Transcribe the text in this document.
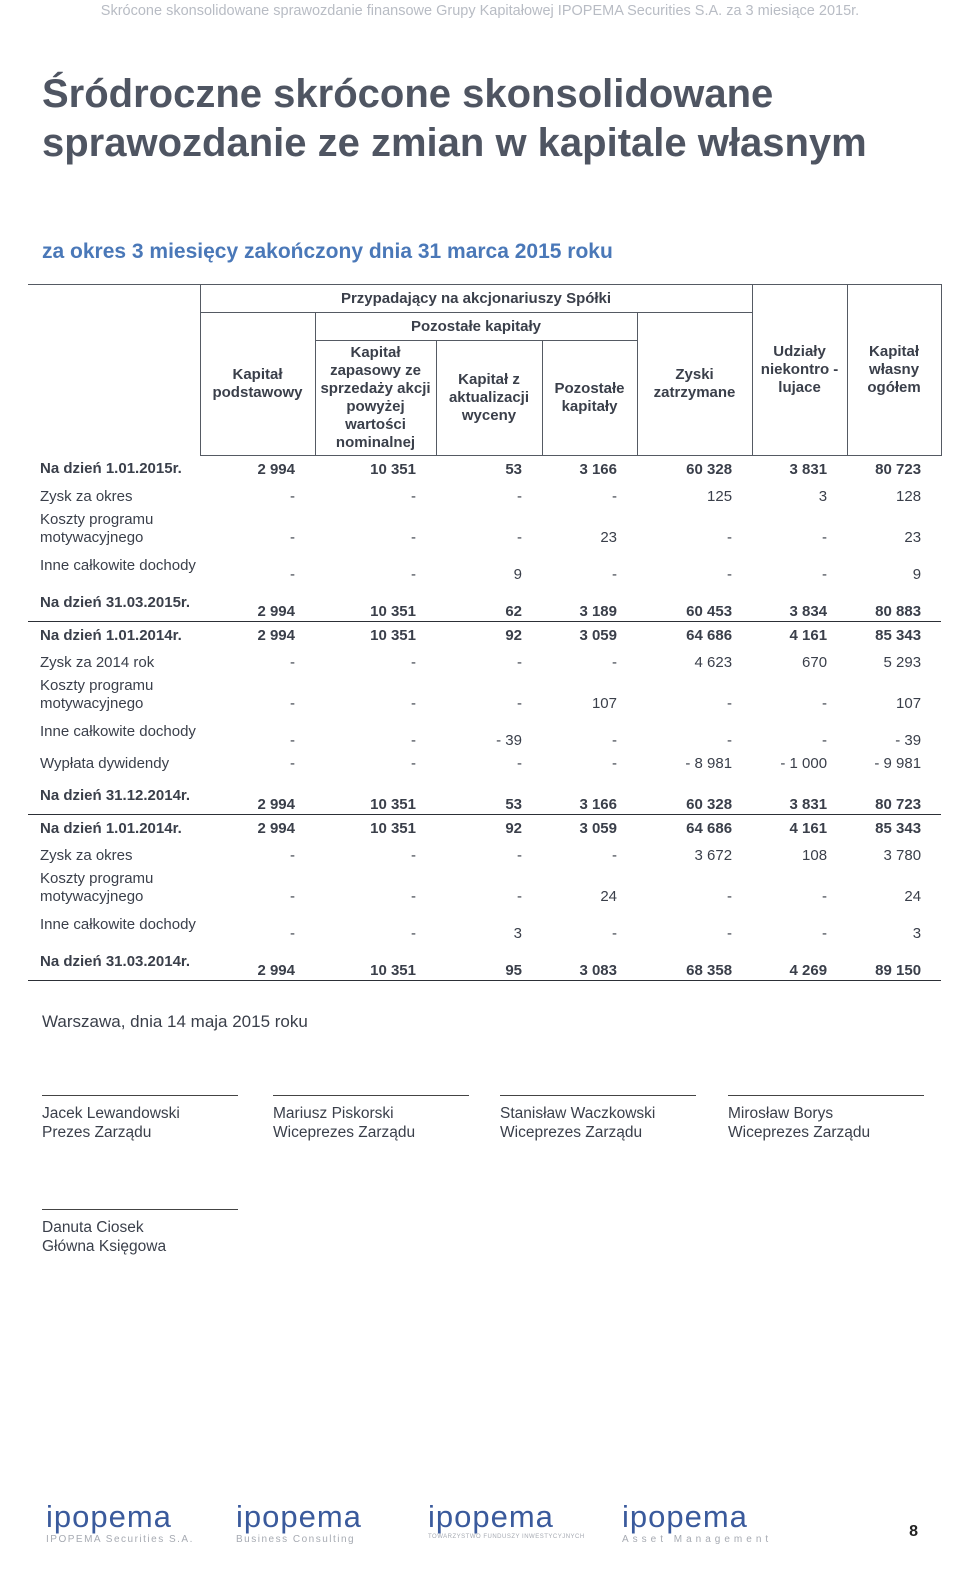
Skrócone skonsolidowane sprawozdanie finansowe Grupy Kapitałowej IPOPEMA Securities S.A. za 3 miesiące 2015r.
Śródroczne skrócone skonsolidowane sprawozdanie ze zmian w kapitale własnym
za okres 3 miesięcy zakończony dnia 31 marca 2015 roku
	Przypadający na akcjonariuszy Spółki					Udziały niekontro -lujace	Kapitał własny ogółem
	Kapitał podstawowy	Pozostałe kapitały			Zyski zatrzymane		
		Kapitał zapasowy ze sprzedaży akcji powyżej wartości nominalnej	Kapitał z aktualizacji wyceny	Pozostałe kapitały			
Na dzień 1.01.2015r.	2 994	10 351	53	3 166	60 328	3 831	80 723
Zysk za okres	-	-	-	-	125	3	128
Koszty programu motywacyjnego	-	-	-	23	-	-	23
Inne całkowite dochody	-	-	9	-	-	-	9
Na dzień 31.03.2015r.	2 994	10 351	62	3 189	60 453	3 834	80 883
Na dzień 1.01.2014r.	2 994	10 351	92	3 059	64 686	4 161	85 343
Zysk za 2014 rok	-	-	-	-	4 623	670	5 293
Koszty programu motywacyjnego	-	-	-	107	-	-	107
Inne całkowite dochody	-	-	- 39	-	-	-	- 39
Wypłata dywidendy	-	-	-	-	- 8 981	- 1 000	- 9 981
Na dzień 31.12.2014r.	2 994	10 351	53	3 166	60 328	3 831	80 723
Na dzień 1.01.2014r.	2 994	10 351	92	3 059	64 686	4 161	85 343
Zysk za okres	-	-	-	-	3 672	108	3 780
Koszty programu motywacyjnego	-	-	-	24	-	-	24
Inne całkowite dochody	-	-	3	-	-	-	3
Na dzień 31.03.2014r.	2 994	10 351	95	3 083	68 358	4 269	89 150
Warszawa, dnia 14 maja 2015 roku
Jacek Lewandowski
Prezes Zarządu
Mariusz Piskorski
Wiceprezes Zarządu
Stanisław Waczkowski
Wiceprezes Zarządu
Mirosław Borys
Wiceprezes Zarządu
Danuta Ciosek
Główna Księgowa
ipopema
IPOPEMA Securities S.A.
ipopema
Business Consulting
ipopema
TOWARZYSTWO FUNDUSZY INWESTYCYJNYCH
ipopema
Asset Management	8
